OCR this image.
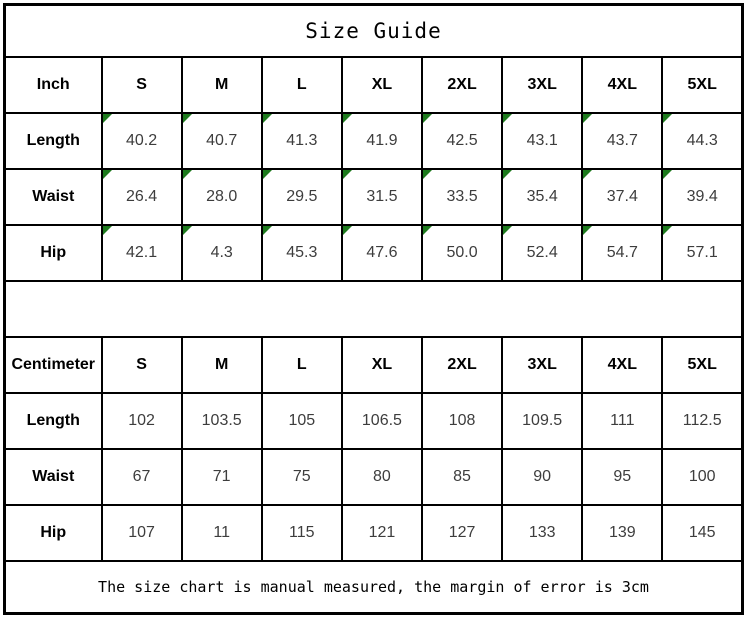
Size Guide								
Inch	S	M	L	XL	2XL	3XL	4XL	5XL
Length	40.2	40.7	41.3	41.9	42.5	43.1	43.7	44.3
Waist	26.4	28.0	29.5	31.5	33.5	35.4	37.4	39.4
Hip	42.1	4.3	45.3	47.6	50.0	52.4	54.7	57.1

Centimeter	S	M	L	XL	2XL	3XL	4XL	5XL
Length	102	103.5	105	106.5	108	109.5	111	112.5
Waist	67	71	75	80	85	90	95	100
Hip	107	11	115	121	127	133	139	145
The size chart is manual measured, the margin of error is 3cm								
